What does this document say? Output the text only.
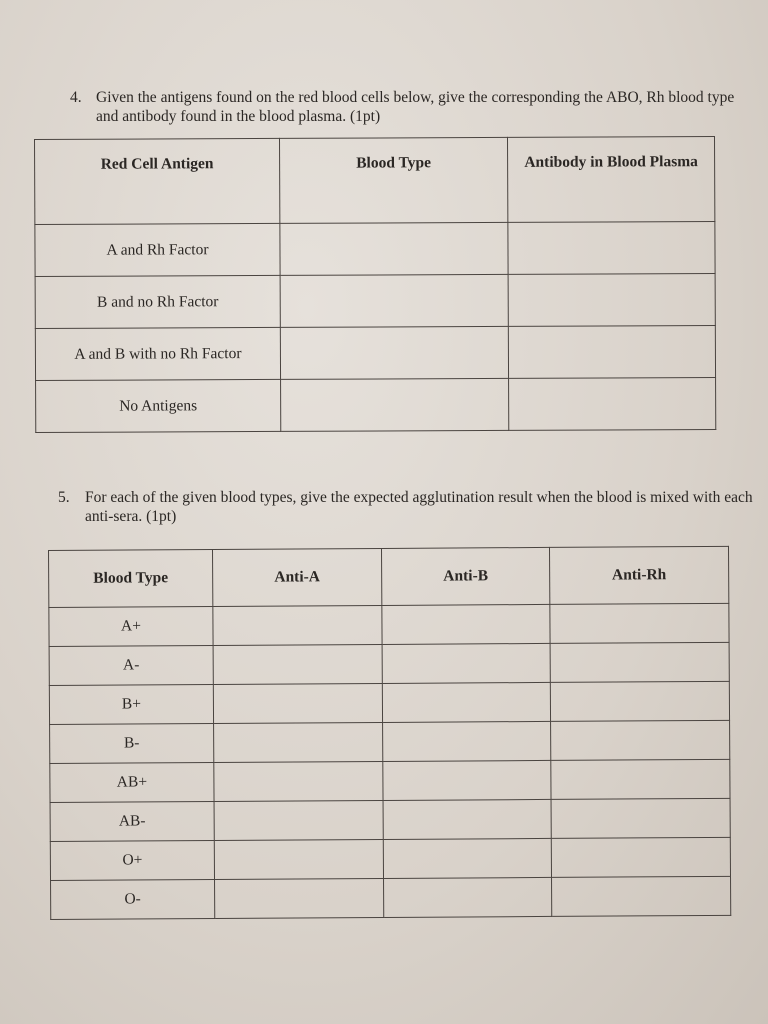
4. Given the antigens found on the red blood cells below, give the corresponding the ABO, Rh blood type and antibody found in the blood plasma. (1pt)
Red Cell Antigen	Blood Type	Antibody in Blood Plasma
A and Rh Factor		
B and no Rh Factor		
A and B with no Rh Factor		
No Antigens		
5. For each of the given blood types, give the expected agglutination result when the blood is mixed with each anti-sera. (1pt)
Blood Type	Anti-A	Anti-B	Anti-Rh
A+			
A-			
B+			
B-			
AB+			
AB-			
O+			
O-			
